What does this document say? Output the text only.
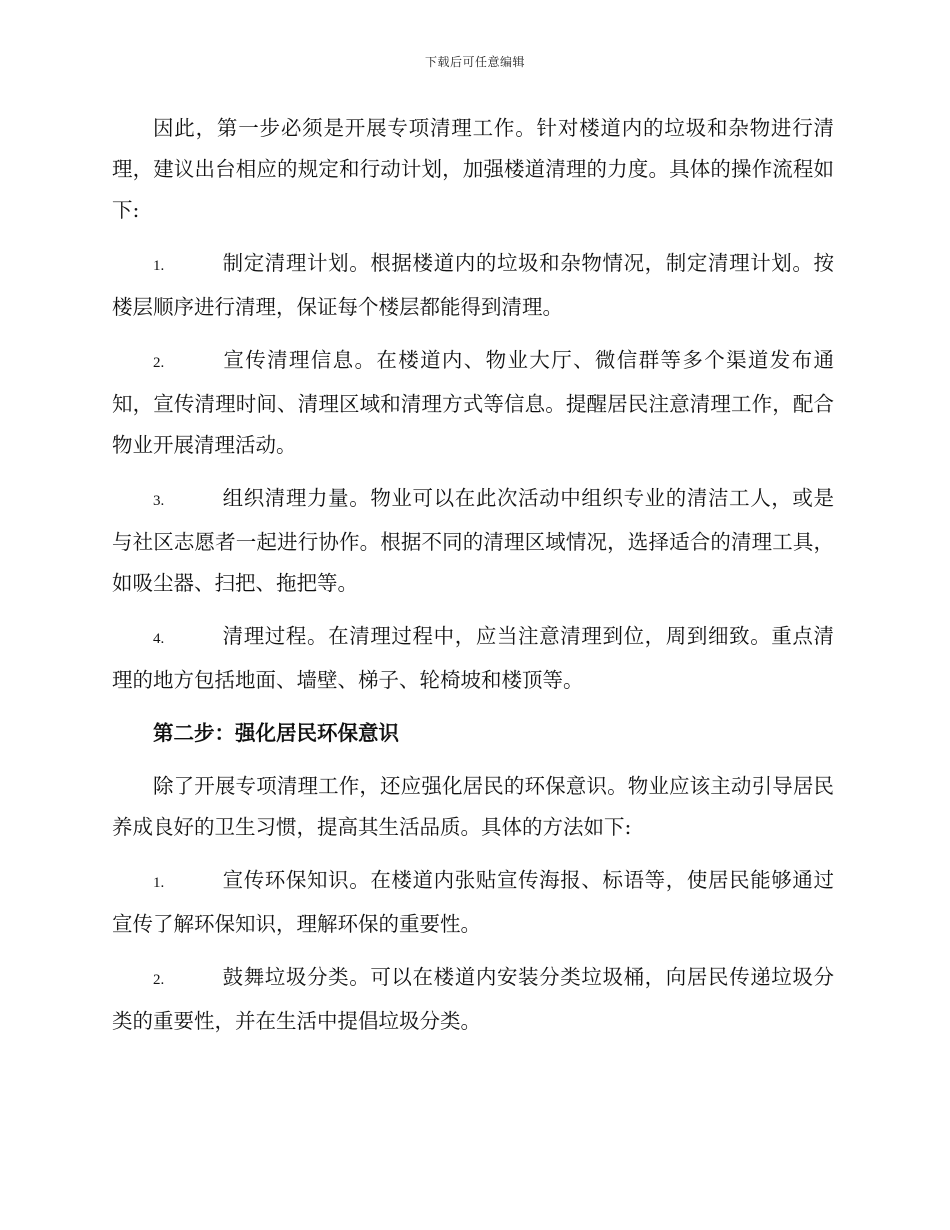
下载后可任意编辑

因此，第一步必须是开展专项清理工作。针对楼道内的垃圾和杂物进行清理，建议出台相应的规定和行动计划，加强楼道清理的力度。具体的操作流程如下:

1.	制定清理计划。根据楼道内的垃圾和杂物情况，制定清理计划。按楼层顺序进行清理，保证每个楼层都能得到清理。

2.	宣传清理信息。在楼道内、物业大厅、微信群等多个渠道发布通知，宣传清理时间、清理区域和清理方式等信息。提醒居民注意清理工作，配合物业开展清理活动。

3.	组织清理力量。物业可以在此次活动中组织专业的清洁工人，或是与社区志愿者一起进行协作。根据不同的清理区域情况，选择适合的清理工具，如吸尘器、扫把、拖把等。

4.	清理过程。在清理过程中，应当注意清理到位，周到细致。重点清理的地方包括地面、墙壁、梯子、轮椅坡和楼顶等。

第二步：强化居民环保意识

除了开展专项清理工作，还应强化居民的环保意识。物业应该主动引导居民养成良好的卫生习惯，提高其生活品质。具体的方法如下:

1.	宣传环保知识。在楼道内张贴宣传海报、标语等，使居民能够通过宣传了解环保知识，理解环保的重要性。

2.	鼓舞垃圾分类。可以在楼道内安装分类垃圾桶，向居民传递垃圾分类的重要性，并在生活中提倡垃圾分类。
